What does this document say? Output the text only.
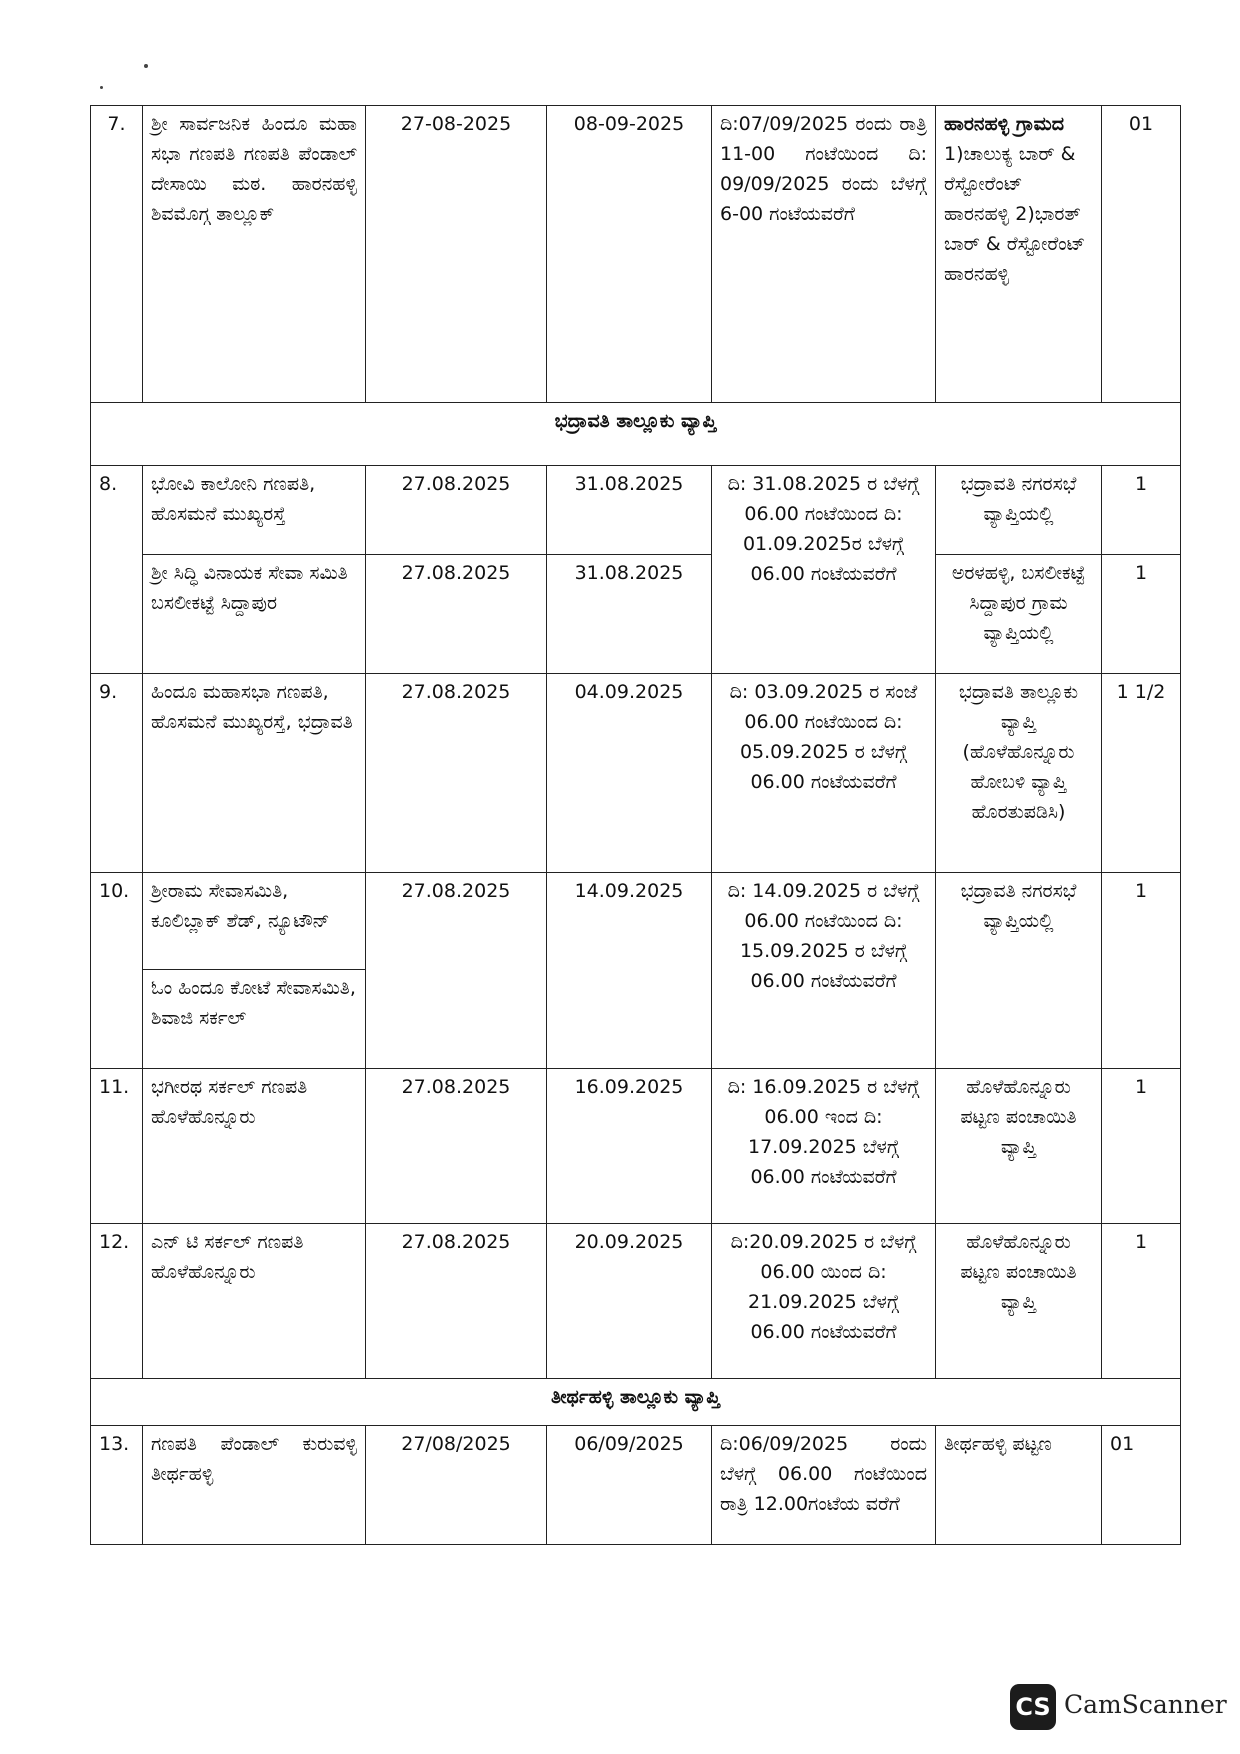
7.	ಶ್ರೀ ಸಾರ್ವಜನಿಕ ಹಿಂದೂ ಮಹಾ ಸಭಾ ಗಣಪತಿ ಗಣಪತಿ ಪೆಂಡಾಲ್ ದೇಸಾಯಿ ಮಠ. ಹಾರನಹಳ್ಳಿ ಶಿವಮೊಗ್ಗ ತಾಲ್ಲೂಕ್	27-08-2025	08-09-2025	ದಿ:07/09/2025 ರಂದು ರಾತ್ರಿ 11-00 ಗಂಟೆಯಿಂದ ದಿ: 09/09/2025 ರಂದು ಬೆಳಗ್ಗೆ 6-00 ಗಂಟೆಯವರೆಗೆ	ಹಾರನಹಳ್ಳಿ ಗ್ರಾಮದ
1)ಚಾಲುಕ್ಯ ಬಾರ್ & ರೆಸ್ಟೋರೆಂಟ್ ಹಾರನಹಳ್ಳಿ 2)ಭಾರತ್ ಬಾರ್ & ರೆಸ್ಟೋರೆಂಟ್ ಹಾರನಹಳ್ಳಿ	01
ಭದ್ರಾವತಿ ತಾಲ್ಲೂಕು ವ್ಯಾಪ್ತಿ						
8.	ಭೋವಿ ಕಾಲೋನಿ ಗಣಪತಿ, ಹೊಸಮನೆ ಮುಖ್ಯರಸ್ತೆ	27.08.2025	31.08.2025	ದಿ: 31.08.2025 ರ ಬೆಳಗ್ಗೆ 06.00 ಗಂಟೆಯಿಂದ ದಿ: 01.09.2025ರ ಬೆಳಗ್ಗೆ 06.00 ಗಂಟೆಯವರೆಗೆ	ಭದ್ರಾವತಿ ನಗರಸಭೆ ವ್ಯಾಪ್ತಿಯಲ್ಲಿ	1
	ಶ್ರೀ ಸಿದ್ಧಿ ವಿನಾಯಕ ಸೇವಾ ಸಮಿತಿ ಬಸಲೀಕಟ್ಟೆ ಸಿದ್ದಾಪುರ	27.08.2025	31.08.2025		ಅರಳಹಳ್ಳಿ, ಬಸಲೀಕಟ್ಟೆ ಸಿದ್ದಾಪುರ ಗ್ರಾಮ ವ್ಯಾಪ್ತಿಯಲ್ಲಿ	1
9.	ಹಿಂದೂ ಮಹಾಸಭಾ ಗಣಪತಿ, ಹೊಸಮನೆ ಮುಖ್ಯರಸ್ತೆ, ಭದ್ರಾವತಿ	27.08.2025	04.09.2025	ದಿ: 03.09.2025 ರ ಸಂಜೆ 06.00 ಗಂಟೆಯಿಂದ ದಿ: 05.09.2025 ರ ಬೆಳಗ್ಗೆ 06.00 ಗಂಟೆಯವರೆಗೆ	ಭದ್ರಾವತಿ ತಾಲ್ಲೂಕು ವ್ಯಾಪ್ತಿ (ಹೊಳೆಹೊನ್ನೂರು ಹೋಬಳಿ ವ್ಯಾಪ್ತಿ ಹೊರತುಪಡಿಸಿ)	1 1/2
10.	ಶ್ರೀರಾಮ ಸೇವಾಸಮಿತಿ, ಕೂಲಿಬ್ಲಾಕ್ ಶೆಡ್, ನ್ಯೂಟೌನ್	27.08.2025	14.09.2025	ದಿ: 14.09.2025 ರ ಬೆಳಗ್ಗೆ 06.00 ಗಂಟೆಯಿಂದ ದಿ: 15.09.2025 ರ ಬೆಳಗ್ಗೆ 06.00 ಗಂಟೆಯವರೆಗೆ	ಭದ್ರಾವತಿ ನಗರಸಭೆ ವ್ಯಾಪ್ತಿಯಲ್ಲಿ	1
	ಓಂ ಹಿಂದೂ ಕೋಟೆ ಸೇವಾಸಮಿತಿ, ಶಿವಾಜಿ ಸರ್ಕಲ್					
11.	ಭಗೀರಥ ಸರ್ಕಲ್ ಗಣಪತಿ ಹೊಳೆಹೊನ್ನೂರು	27.08.2025	16.09.2025	ದಿ: 16.09.2025 ರ ಬೆಳಗ್ಗೆ 06.00 ಇಂದ ದಿ: 17.09.2025 ಬೆಳಗ್ಗೆ 06.00 ಗಂಟೆಯವರೆಗೆ	ಹೊಳೆಹೊನ್ನೂರು ಪಟ್ಟಣ ಪಂಚಾಯಿತಿ ವ್ಯಾಪ್ತಿ	1
12.	ಎನ್ ಟಿ ಸರ್ಕಲ್ ಗಣಪತಿ ಹೊಳೆಹೊನ್ನೂರು	27.08.2025	20.09.2025	ದಿ:20.09.2025 ರ ಬೆಳಗ್ಗೆ 06.00 ಯಿಂದ ದಿ: 21.09.2025 ಬೆಳಗ್ಗೆ 06.00 ಗಂಟೆಯವರೆಗೆ	ಹೊಳೆಹೊನ್ನೂರು ಪಟ್ಟಣ ಪಂಚಾಯಿತಿ ವ್ಯಾಪ್ತಿ	1
ತೀರ್ಥಹಳ್ಳಿ ತಾಲ್ಲೂಕು ವ್ಯಾಪ್ತಿ						
13.	ಗಣಪತಿ ಪೆಂಡಾಲ್ ಕುರುವಳ್ಳಿ ತೀರ್ಥಹಳ್ಳಿ	27/08/2025	06/09/2025	ದಿ:06/09/2025 ರಂದು ಬೆಳಗ್ಗೆ 06.00 ಗಂಟೆಯಿಂದ ರಾತ್ರಿ 12.00ಗಂಟೆಯ ವರೆಗೆ	ತೀರ್ಥಹಳ್ಳಿ ಪಟ್ಟಣ	01
CS CamScanner
